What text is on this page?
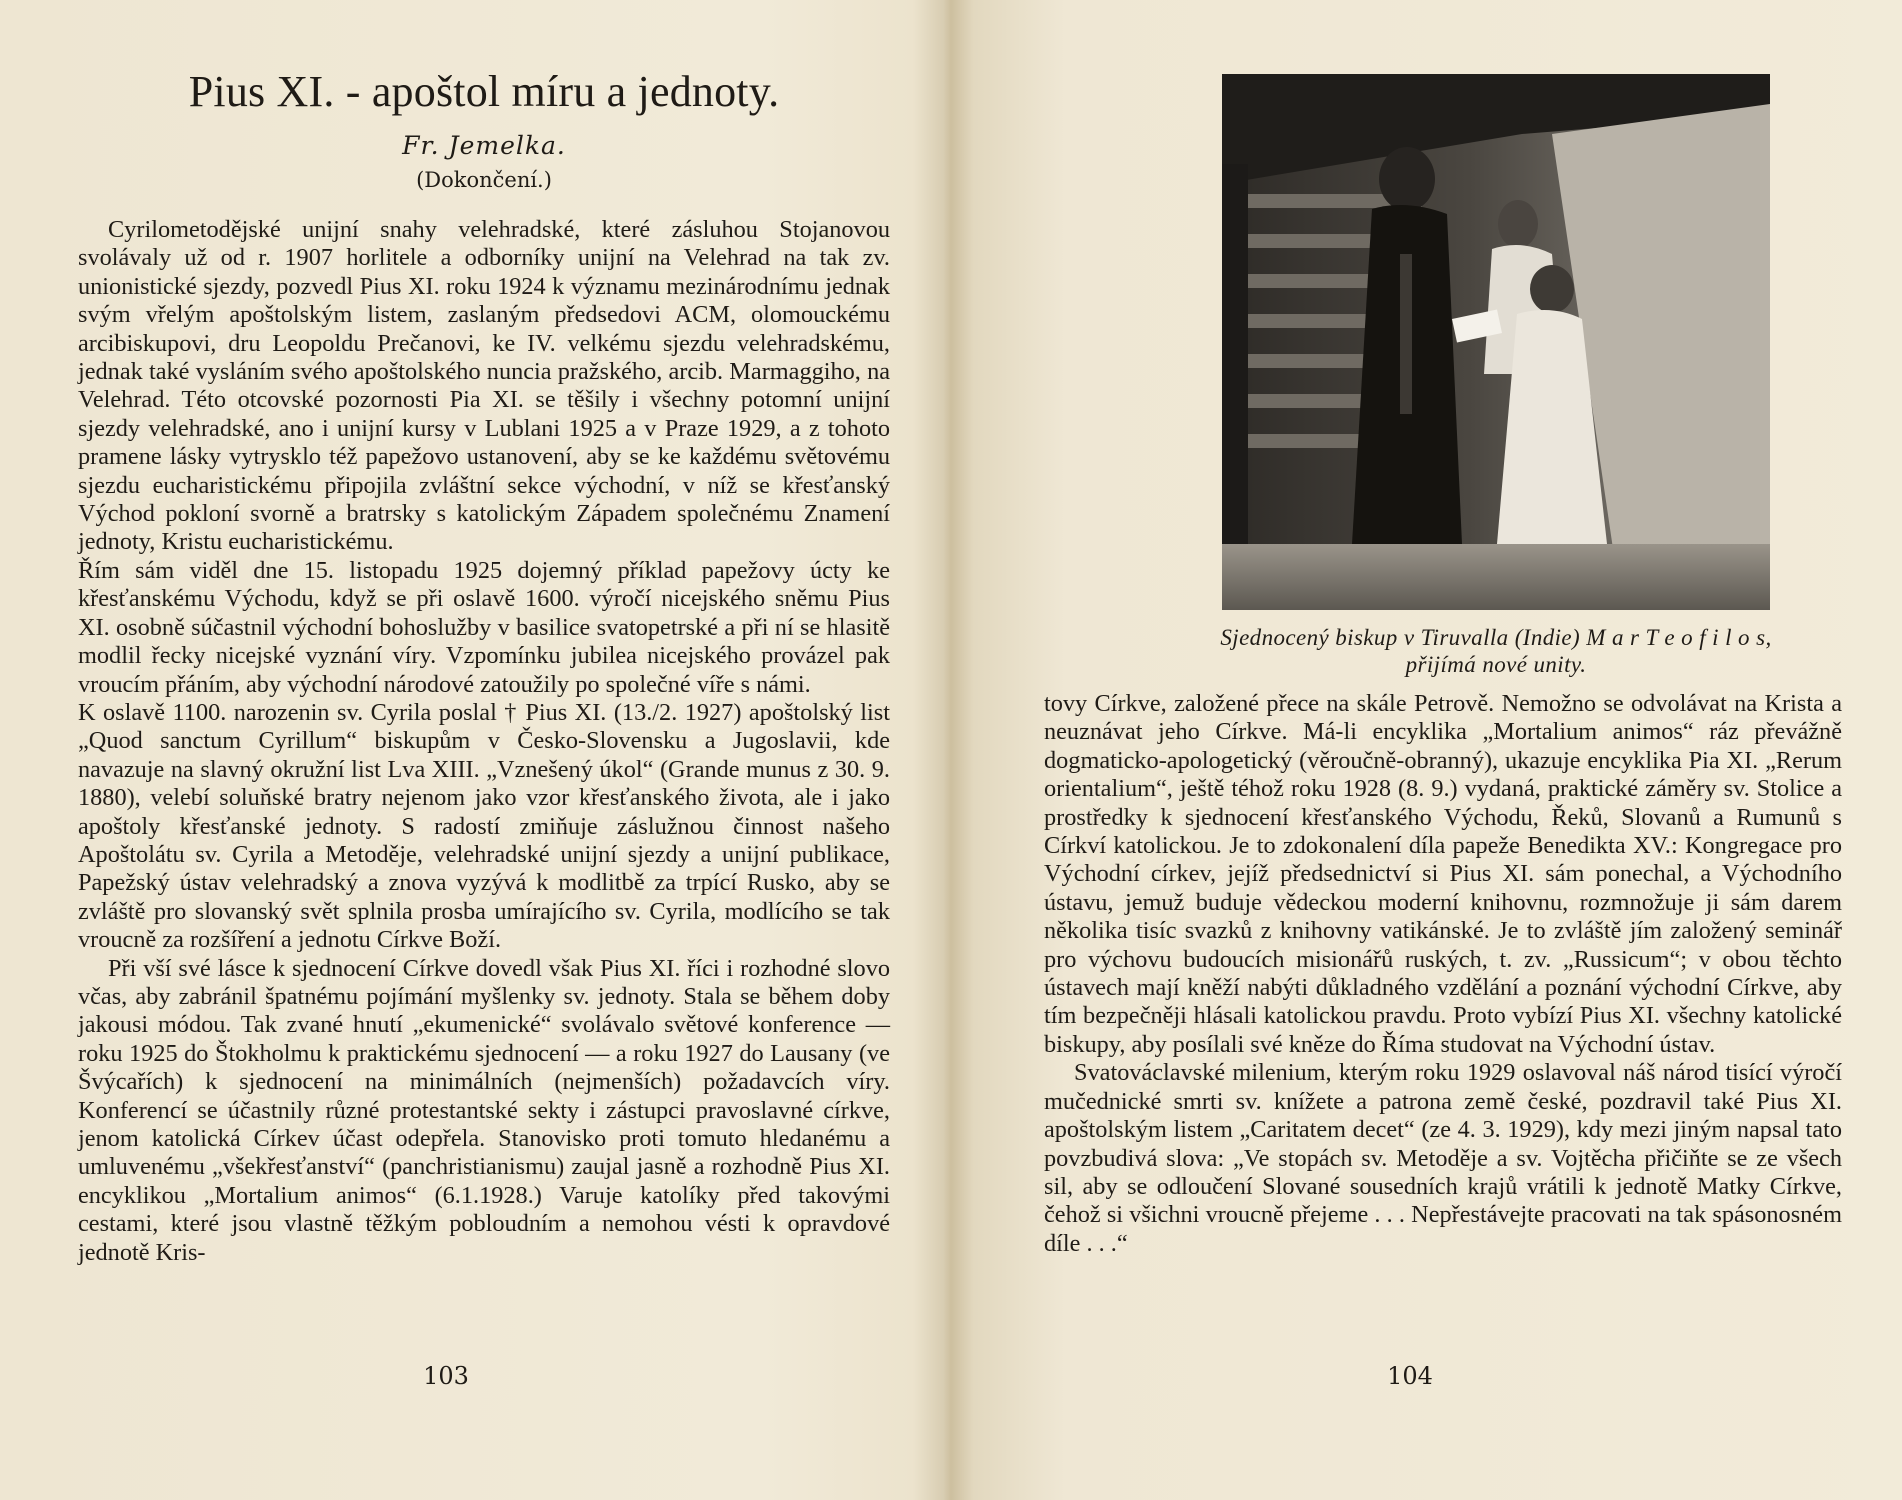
Pius XI. - apoštol míru a jednoty.
Fr. Jemelka.
(Dokončení.)

Cyrilometodějské unijní snahy velehradské, které zásluhou Stojanovou svolávaly už od r. 1907 horlitele a odborníky unijní na Velehrad na tak zv. unionistické sjezdy, pozvedl Pius XI. roku 1924 k významu mezinárodnímu jednak svým vřelým apoštolským listem, zaslaným předsedovi ACM, olomouckému arcibiskupovi, dru Leopoldu Prečanovi, ke IV. velkému sjezdu velehradskému, jednak také vysláním svého apoštolského nuncia pražského, arcib. Marmaggiho, na Velehrad. Této otcovské pozornosti Pia XI. se těšily i všechny potomní unijní sjezdy velehradské, ano i unijní kursy v Lublani 1925 a v Praze 1929, a z tohoto pramene lásky vytrysklo též papežovo ustanovení, aby se ke každému světovému sjezdu eucharistickému připojila zvláštní sekce východní, v níž se křesťanský Východ pokloní svorně a bratrsky s katolickým Západem společnému Znamení jednoty, Kristu eucharistickému.

Řím sám viděl dne 15. listopadu 1925 dojemný příklad papežovy úcty ke křesťanskému Východu, když se při oslavě 1600. výročí nicejského sněmu Pius XI. osobně súčastnil východní bohoslužby v basilice svatopetrské a při ní se hlasitě modlil řecky nicejské vyznání víry. Vzpomínku jubilea nicejského provázel pak vroucím přáním, aby východní národové zatoužily po společné víře s námi.

K oslavě 1100. narozenin sv. Cyrila poslal † Pius XI. (13./2. 1927) apoštolský list „Quod sanctum Cyrillum“ biskupům v Česko-Slovensku a Jugoslavii, kde navazuje na slavný okružní list Lva XIII. „Vznešený úkol“ (Grande munus z 30. 9. 1880), velebí soluňské bratry nejenom jako vzor křesťanského života, ale i jako apoštoly křesťanské jednoty. S radostí zmiňuje záslužnou činnost našeho Apoštolátu sv. Cyrila a Metoděje, velehradské unijní sjezdy a unijní publikace, Papežský ústav velehradský a znova vyzývá k modlitbě za trpící Rusko, aby se zvláště pro slovanský svět splnila prosba umírajícího sv. Cyrila, modlícího se tak vroucně za rozšíření a jednotu Církve Boží.

Při vší své lásce k sjednocení Církve dovedl však Pius XI. říci i rozhodné slovo včas, aby zabránil špatnému pojímání myšlenky sv. jednoty. Stala se během doby jakousi módou. Tak zvané hnutí „ekumenické“ svolávalo světové konference — roku 1925 do Štokholmu k praktickému sjednocení — a roku 1927 do Lausany (ve Švýcařích) k sjednocení na minimálních (nejmenších) požadavcích víry. Konferencí se účastnily různé protestantské sekty i zástupci pravoslavné církve, jenom katolická Církev účast odepřela. Stanovisko proti tomuto hledanému a umluvenému „všekřesťanství“ (panchristianismu) zaujal jasně a rozhodně Pius XI. encyklikou „Mortalium animos“ (6.1.1928.) Varuje katolíky před takovými cestami, které jsou vlastně těžkým pobloudním a nemohou vésti k opravdové jednotě Kris-

103
Sjednocený biskup v Tiruvalla (Indie) M a r T e o f i l o s,
přijímá nové unity.

tovy Církve, založené přece na skále Petrově. Nemožno se odvolávat na Krista a neuznávat jeho Církve. Má-li encyklika „Mortalium animos“ ráz převážně dogmaticko-apologetický (věroučně-obranný), ukazuje encyklika Pia XI. „Rerum orientalium“, ještě téhož roku 1928 (8. 9.) vydaná, praktické záměry sv. Stolice a prostředky k sjednocení křesťanského Východu, Řeků, Slovanů a Rumunů s Církví katolickou. Je to zdokonalení díla papeže Benedikta XV.: Kongregace pro Východní církev, jejíž předsednictví si Pius XI. sám ponechal, a Východního ústavu, jemuž buduje vědeckou moderní knihovnu, rozmnožuje ji sám darem několika tisíc svazků z knihovny vatikánské. Je to zvláště jím založený seminář pro výchovu budoucích misionářů ruských, t. zv. „Russicum“; v obou těchto ústavech mají kněží nabýti důkladného vzdělání a poznání východní Církve, aby tím bezpečněji hlásali katolickou pravdu. Proto vybízí Pius XI. všechny katolické biskupy, aby posílali své kněze do Říma studovat na Východní ústav.

Svatováclavské milenium, kterým roku 1929 oslavoval náš národ tisící výročí mučednické smrti sv. knížete a patrona země české, pozdravil také Pius XI. apoštolským listem „Caritatem decet“ (ze 4. 3. 1929), kdy mezi jiným napsal tato povzbudivá slova: „Ve stopách sv. Metoděje a sv. Vojtěcha přičiňte se ze všech sil, aby se odloučení Slované sousedních krajů vrátili k jednotě Matky Církve, čehož si všichni vroucně přejeme . . . Nepřestávejte pracovati na tak spásonosném díle . . .“

104
